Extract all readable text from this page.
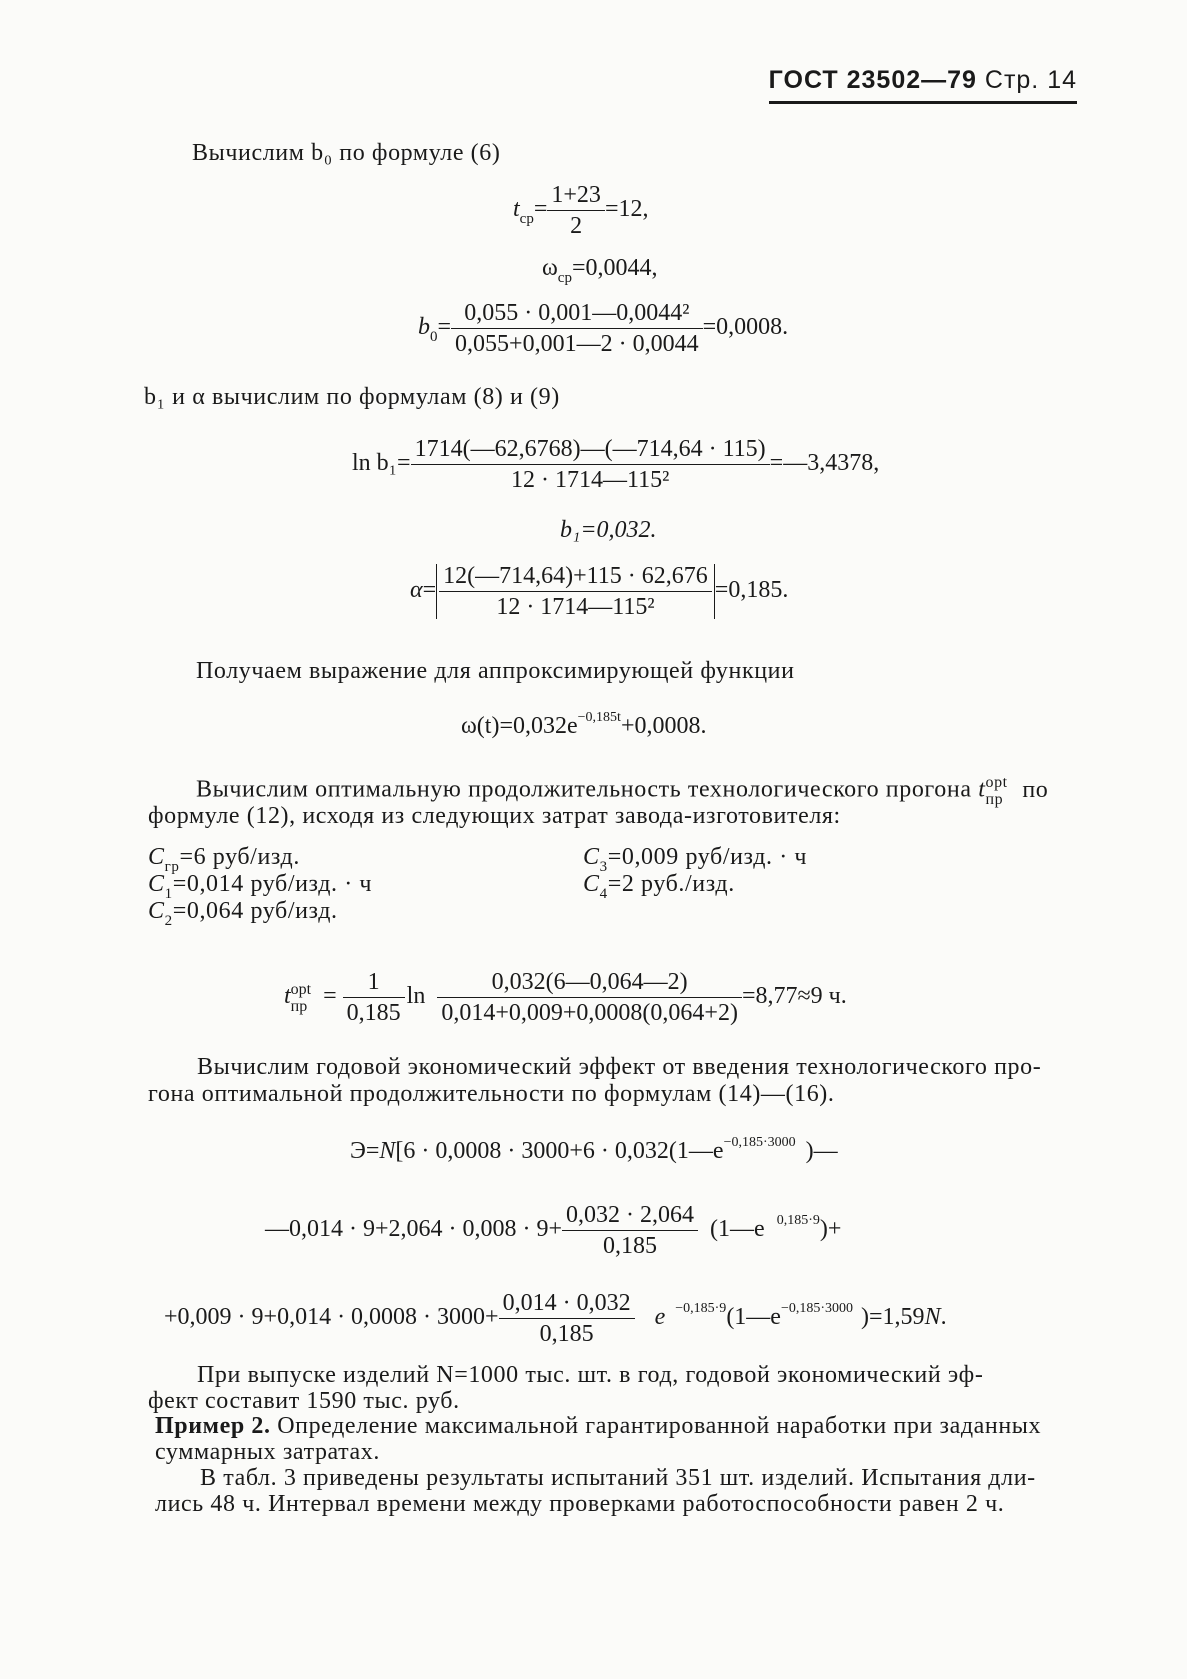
ГОСТ 23502—79 Стр. 14
Вычислим b₀ по формуле (6)
$t_{ср}= \frac{1+23}{2} =12$,
$\omega_{ср}=0,0044$,
$b_0= \frac{\text{0,055 · 0,001—0,0044²}}{0,055+0,001—2 \cdot 0,0044} =0,0008$.
b₁ и α вычислим по формулам (8) и (9)
$\ln b_1= \frac{1714(—62,6768)—(—714,64 \cdot 115)}{\text{12 · 1714—115²}}$ =—3,4378,
b₁=0,032.
$\alpha= \frac{12(—714,64)+115 \cdot 62,676}{\text{12 · 1714—115²}} =0,185$.
Получаем выражение для аппроксимирующей функции
$\omega(t)=0,032e^{-0,185t}+0,0008$.
Вычислим оптимальную продолжительность технологического прогона t opt
пр по
формуле (12), исходя из следующих затрат завода-изготовителя:
$C_{гр}=6$ руб/изд.
$C_1=0,014$ руб/изд. · ч
$C_2=0,064$ руб/изд.
$C_3=0,009$ руб/изд. · ч
$C_4=2$ руб./изд.
t opt
пр = $\frac{1}{0,185}$ $\ln \frac{0,032(6—0,064—2)}{0,014+0,009+0,0008(0,064+2)} =8,77\approx 9$ ч.
Вычислим годовой экономический эффект от введения технологического про-
гона оптимальной продолжительности по формулам (14)—(16).
$Э=N[6 \cdot 0,0008 \cdot 3000+6 \cdot 0,032(1—e^{-0,185\cdot 3000}$ )—
—0,014 · $9+2,064 \cdot 0,008 \cdot 9+ \frac{0,032 \cdot 2,064}{0,185}$ (1—e $^{0,185\cdot 9}$)+
$+0,009 \cdot 9+0,014 \cdot 0,0008 \cdot 3000+ \frac{0,014 \cdot 0,032}{0,185}$ e $^{-0,185\cdot 9}(1—e^{-0,185\cdot 3000}$ )=1,59N.
При выпуске изделий N=1000 тыс. шт. в год, годовой экономический эф-
фект составит 1590 тыс. руб.
Пример 2. Определение максимальной гарантированной наработки при заданных
суммарных затратах.
В табл. 3 приведены результаты испытаний 351 шт. изделий. Испытания дли-
лись 48 ч. Интервал времени между проверками работоспособности равен 2 ч.
